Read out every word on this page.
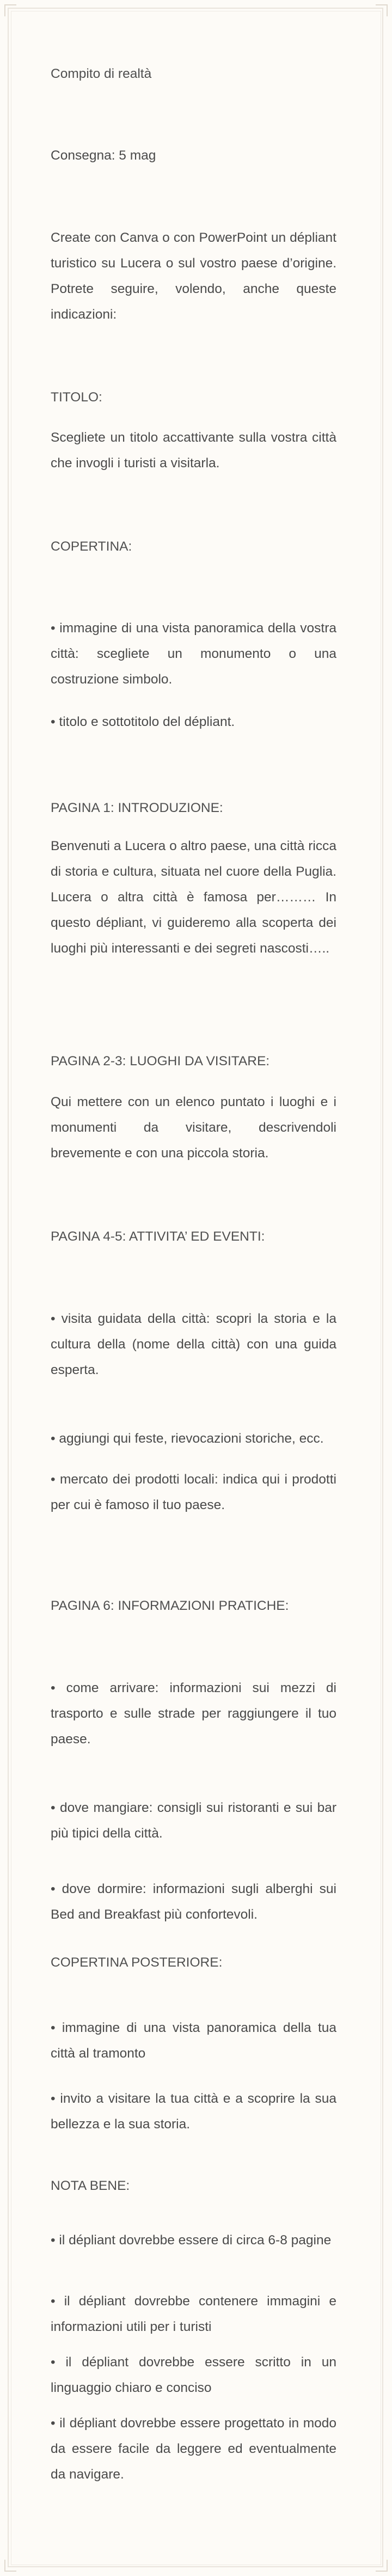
Compito di realtà

Consegna: 5 mag

Create con Canva o con PowerPoint un dépliant turistico su Lucera o sul vostro paese d’origine. Potrete seguire, volendo, anche queste indicazioni:

TITOLO:

Scegliete un titolo accattivante sulla vostra città che invogli i turisti a visitarla.

COPERTINA:

• immagine di una vista panoramica della vostra città: scegliete un monumento o una costruzione simbolo.

• titolo e sottotitolo del dépliant.

PAGINA 1: INTRODUZIONE:

Benvenuti a Lucera o altro paese, una città ricca di storia e cultura, situata nel cuore della Puglia. Lucera o altra città è famosa per……… In questo dépliant, vi guideremo alla scoperta dei luoghi più interessanti e dei segreti nascosti…..

PAGINA 2-3: LUOGHI DA VISITARE:

Qui mettere con un elenco puntato i luoghi e i monumenti da visitare, descrivendoli brevemente e con una piccola storia.

PAGINA 4-5: ATTIVITA’ ED EVENTI:

• visita guidata della città: scopri la storia e la cultura della (nome della città) con una guida esperta.

• aggiungi qui feste, rievocazioni storiche, ecc.

• mercato dei prodotti locali: indica qui i prodotti per cui è famoso il tuo paese.

PAGINA 6: INFORMAZIONI PRATICHE:

• come arrivare: informazioni sui mezzi di trasporto e sulle strade per raggiungere il tuo paese.

• dove mangiare: consigli sui ristoranti e sui bar più tipici della città.

• dove dormire: informazioni sugli alberghi sui Bed and Breakfast più confortevoli.

COPERTINA POSTERIORE:

• immagine di una vista panoramica della tua città al tramonto

• invito a visitare la tua città e a scoprire la sua bellezza e la sua storia.

NOTA BENE:

• il dépliant dovrebbe essere di circa 6-8 pagine

• il dépliant dovrebbe contenere immagini e informazioni utili per i turisti

• il dépliant dovrebbe essere scritto in un linguaggio chiaro e conciso

• il dépliant dovrebbe essere progettato in modo da essere facile da leggere ed eventualmente da navigare.
